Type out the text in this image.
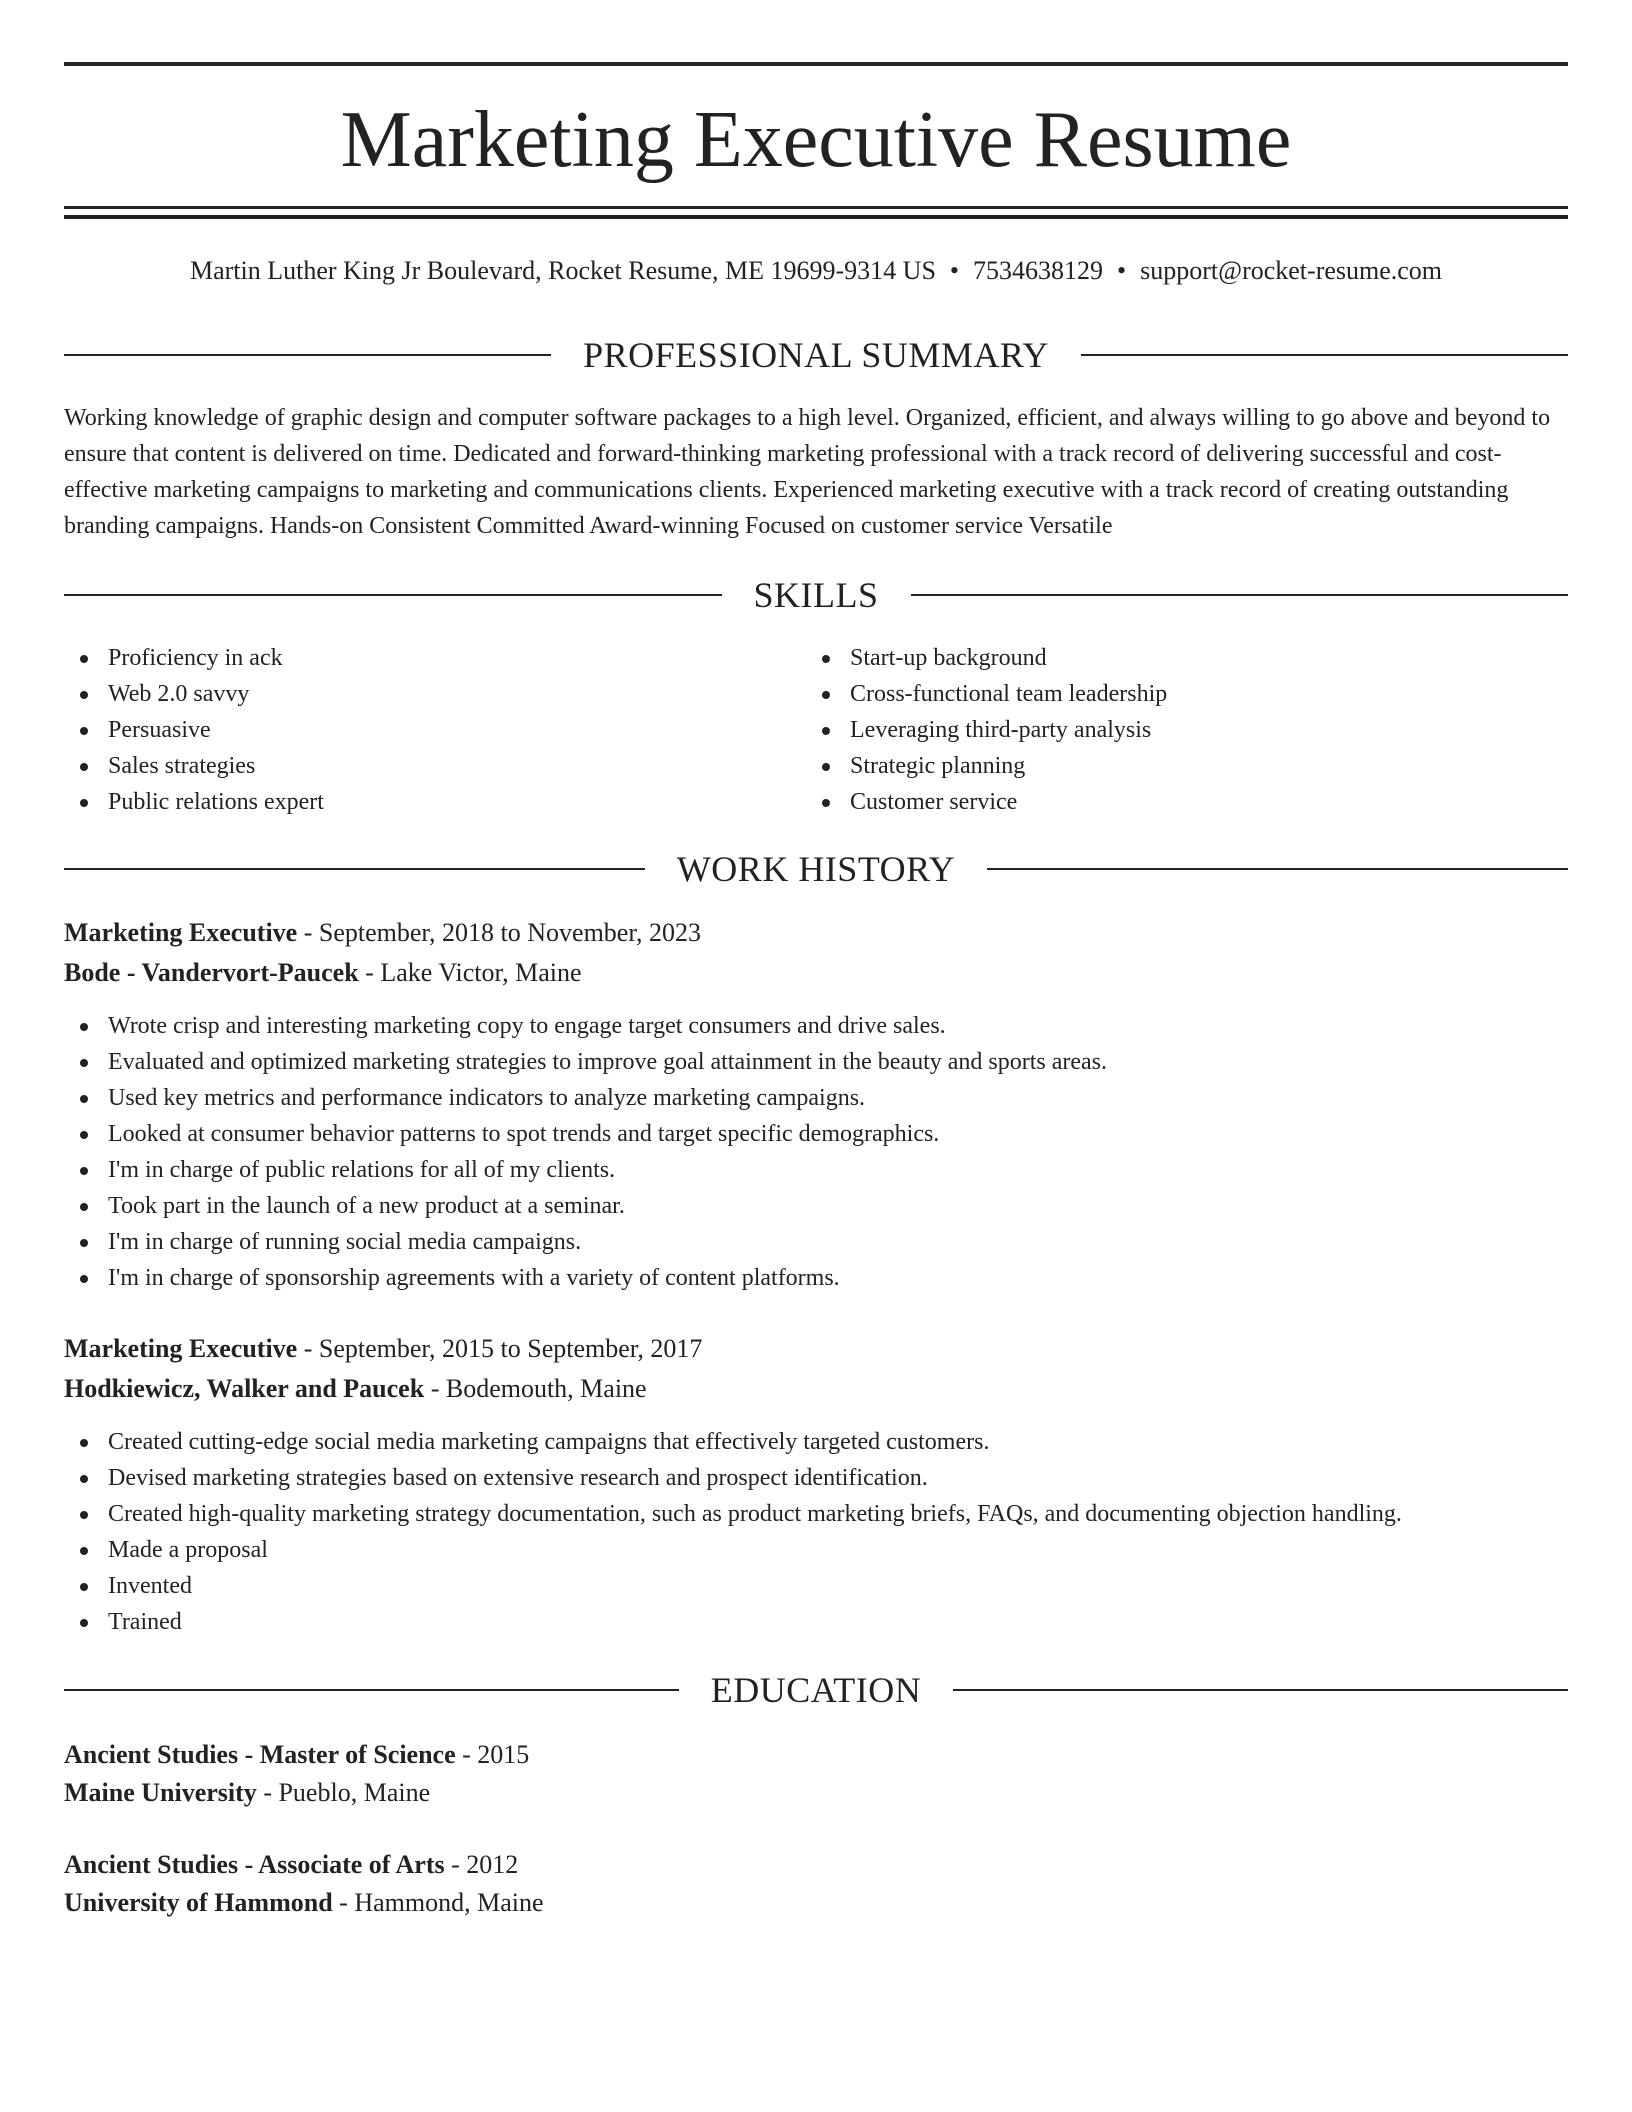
Marketing Executive Resume
Martin Luther King Jr Boulevard, Rocket Resume, ME 19699-9314 US • 7534638129 • support@rocket-resume.com
PROFESSIONAL SUMMARY

Working knowledge of graphic design and computer software packages to a high level. Organized, efficient, and always willing to go above and beyond to ensure that content is delivered on time. Dedicated and forward-thinking marketing professional with a track record of delivering successful and cost-effective marketing campaigns to marketing and communications clients. Experienced marketing executive with a track record of creating outstanding branding campaigns. Hands-on Consistent Committed Award-winning Focused on customer service Versatile

SKILLS
Proficiency in ack
Web 2.0 savvy
Persuasive
Sales strategies
Public relations expert
Start-up background
Cross-functional team leadership
Leveraging third-party analysis
Strategic planning
Customer service
WORK HISTORY
Marketing Executive - September, 2018 to November, 2023
Bode - Vandervort-Paucek - Lake Victor, Maine
Wrote crisp and interesting marketing copy to engage target consumers and drive sales.
Evaluated and optimized marketing strategies to improve goal attainment in the beauty and sports areas.
Used key metrics and performance indicators to analyze marketing campaigns.
Looked at consumer behavior patterns to spot trends and target specific demographics.
I'm in charge of public relations for all of my clients.
Took part in the launch of a new product at a seminar.
I'm in charge of running social media campaigns.
I'm in charge of sponsorship agreements with a variety of content platforms.
Marketing Executive - September, 2015 to September, 2017
Hodkiewicz, Walker and Paucek - Bodemouth, Maine
Created cutting-edge social media marketing campaigns that effectively targeted customers.
Devised marketing strategies based on extensive research and prospect identification.
Created high-quality marketing strategy documentation, such as product marketing briefs, FAQs, and documenting objection handling.
Made a proposal
Invented
Trained
EDUCATION
Ancient Studies - Master of Science - 2015
Maine University - Pueblo, Maine
Ancient Studies - Associate of Arts - 2012
University of Hammond - Hammond, Maine
